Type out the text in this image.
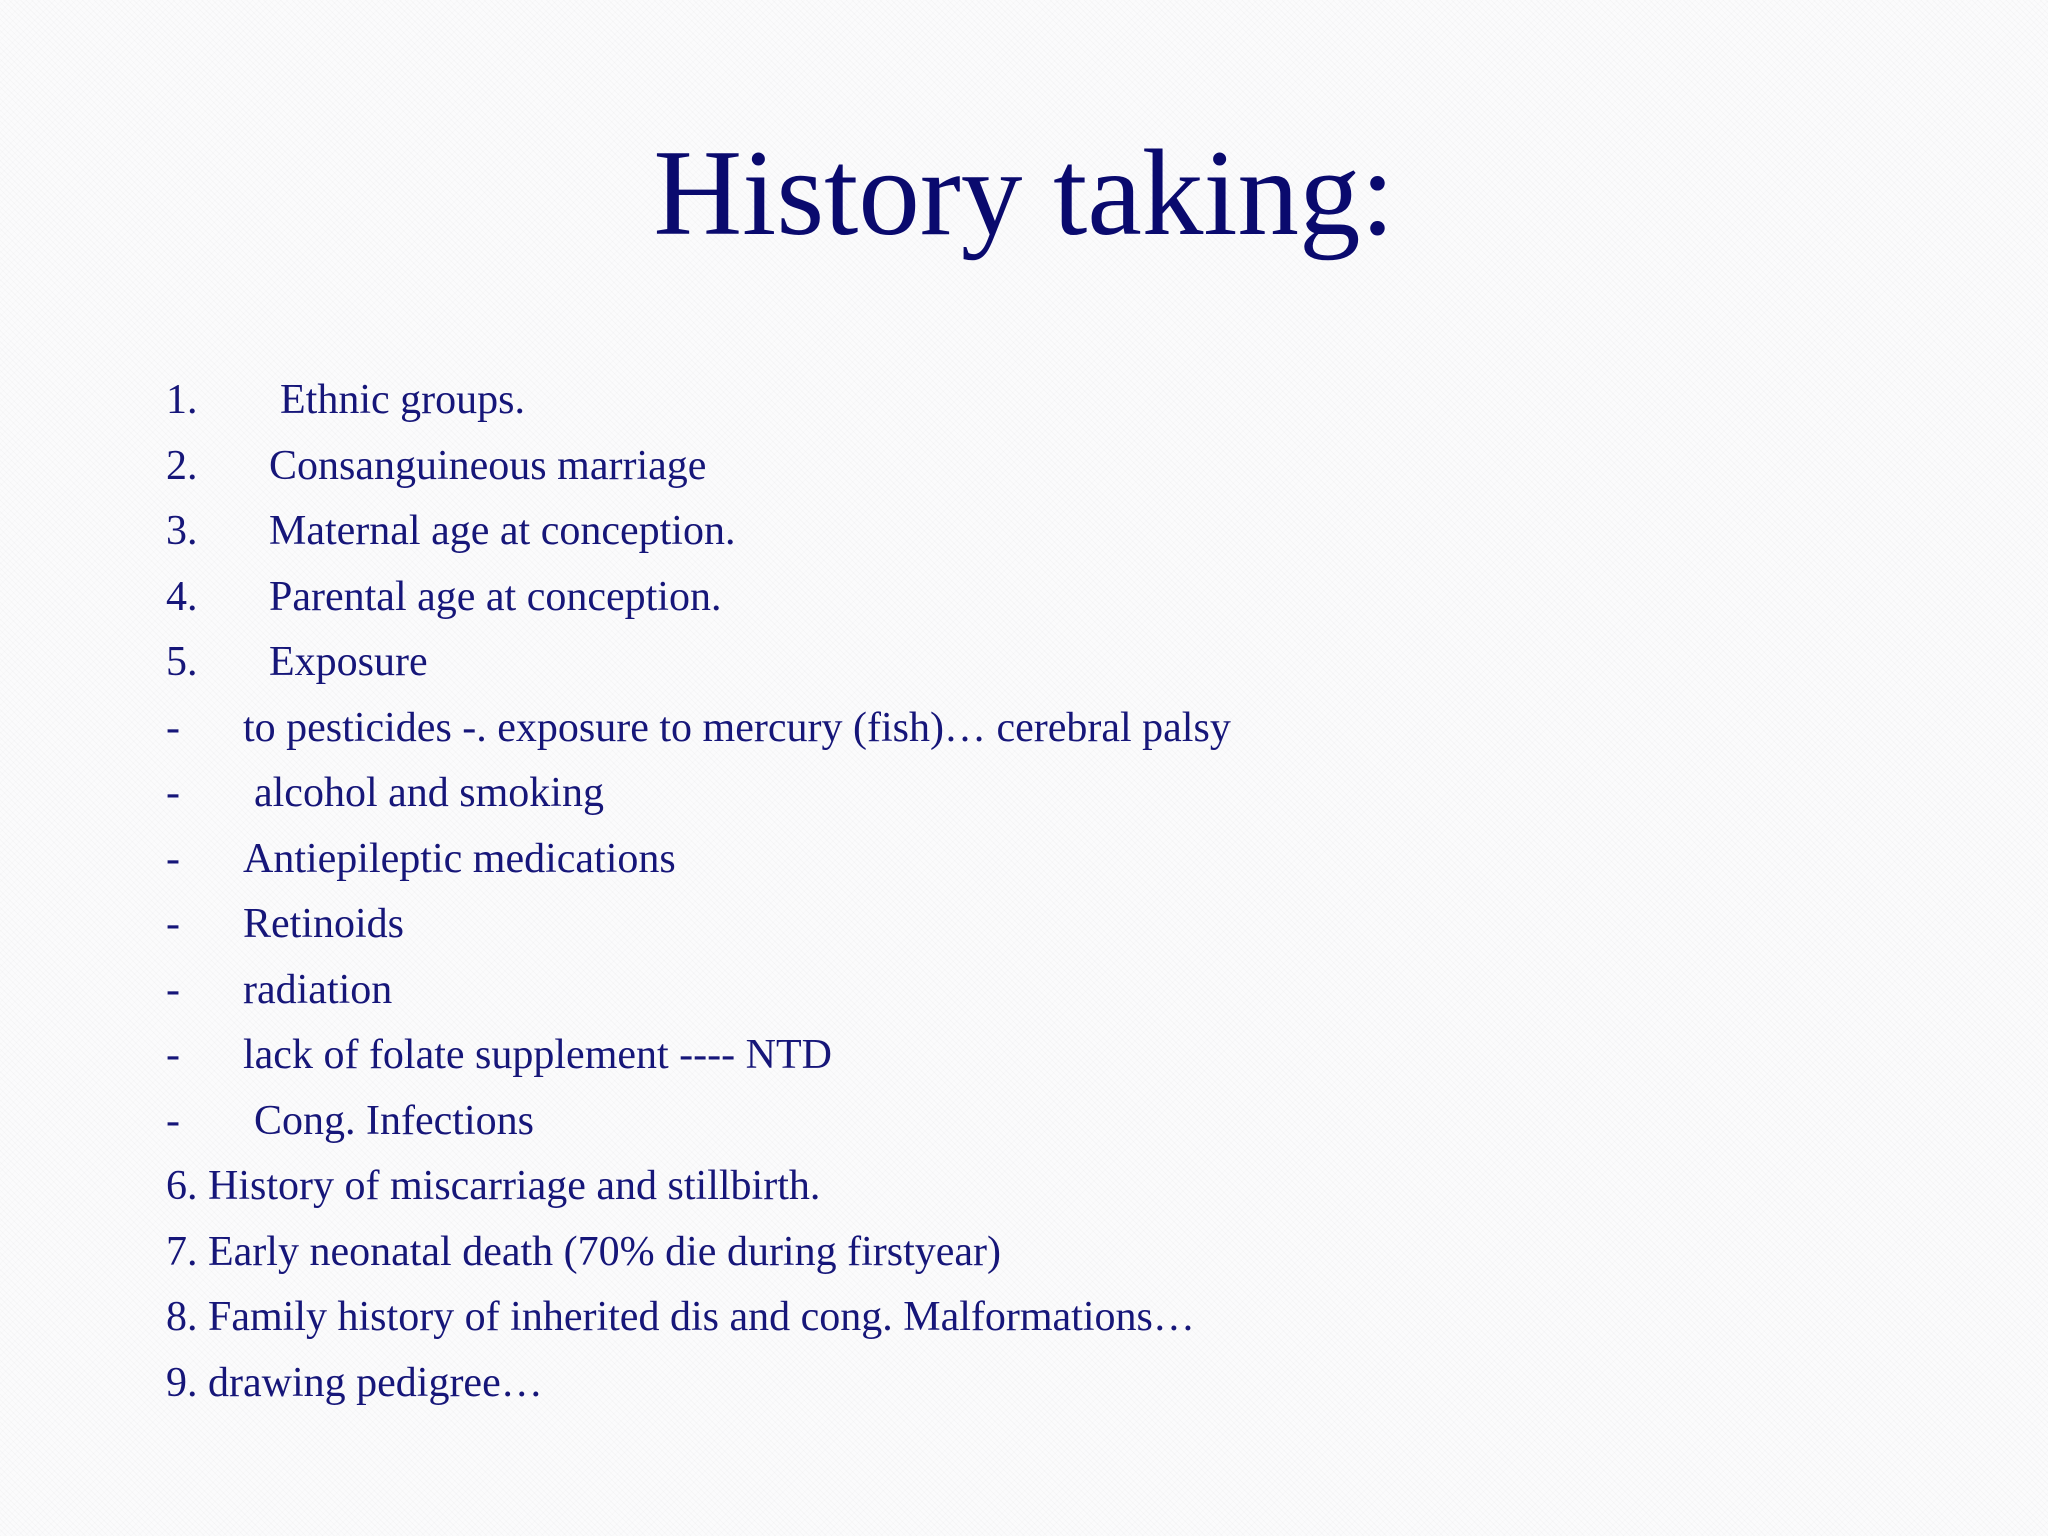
History taking:
1. Ethnic groups.
2. Consanguineous marriage
3. Maternal age at conception.
4. Parental age at conception.
5. Exposure
- to pesticides -. exposure to mercury (fish)… cerebral palsy
- alcohol and smoking
- Antiepileptic medications
- Retinoids
- radiation
- lack of folate supplement ---- NTD
- Cong. Infections
6. History of miscarriage and stillbirth.
7. Early neonatal death (70% die during firstyear)
8. Family history of inherited dis and cong. Malformations…
9. drawing pedigree…
